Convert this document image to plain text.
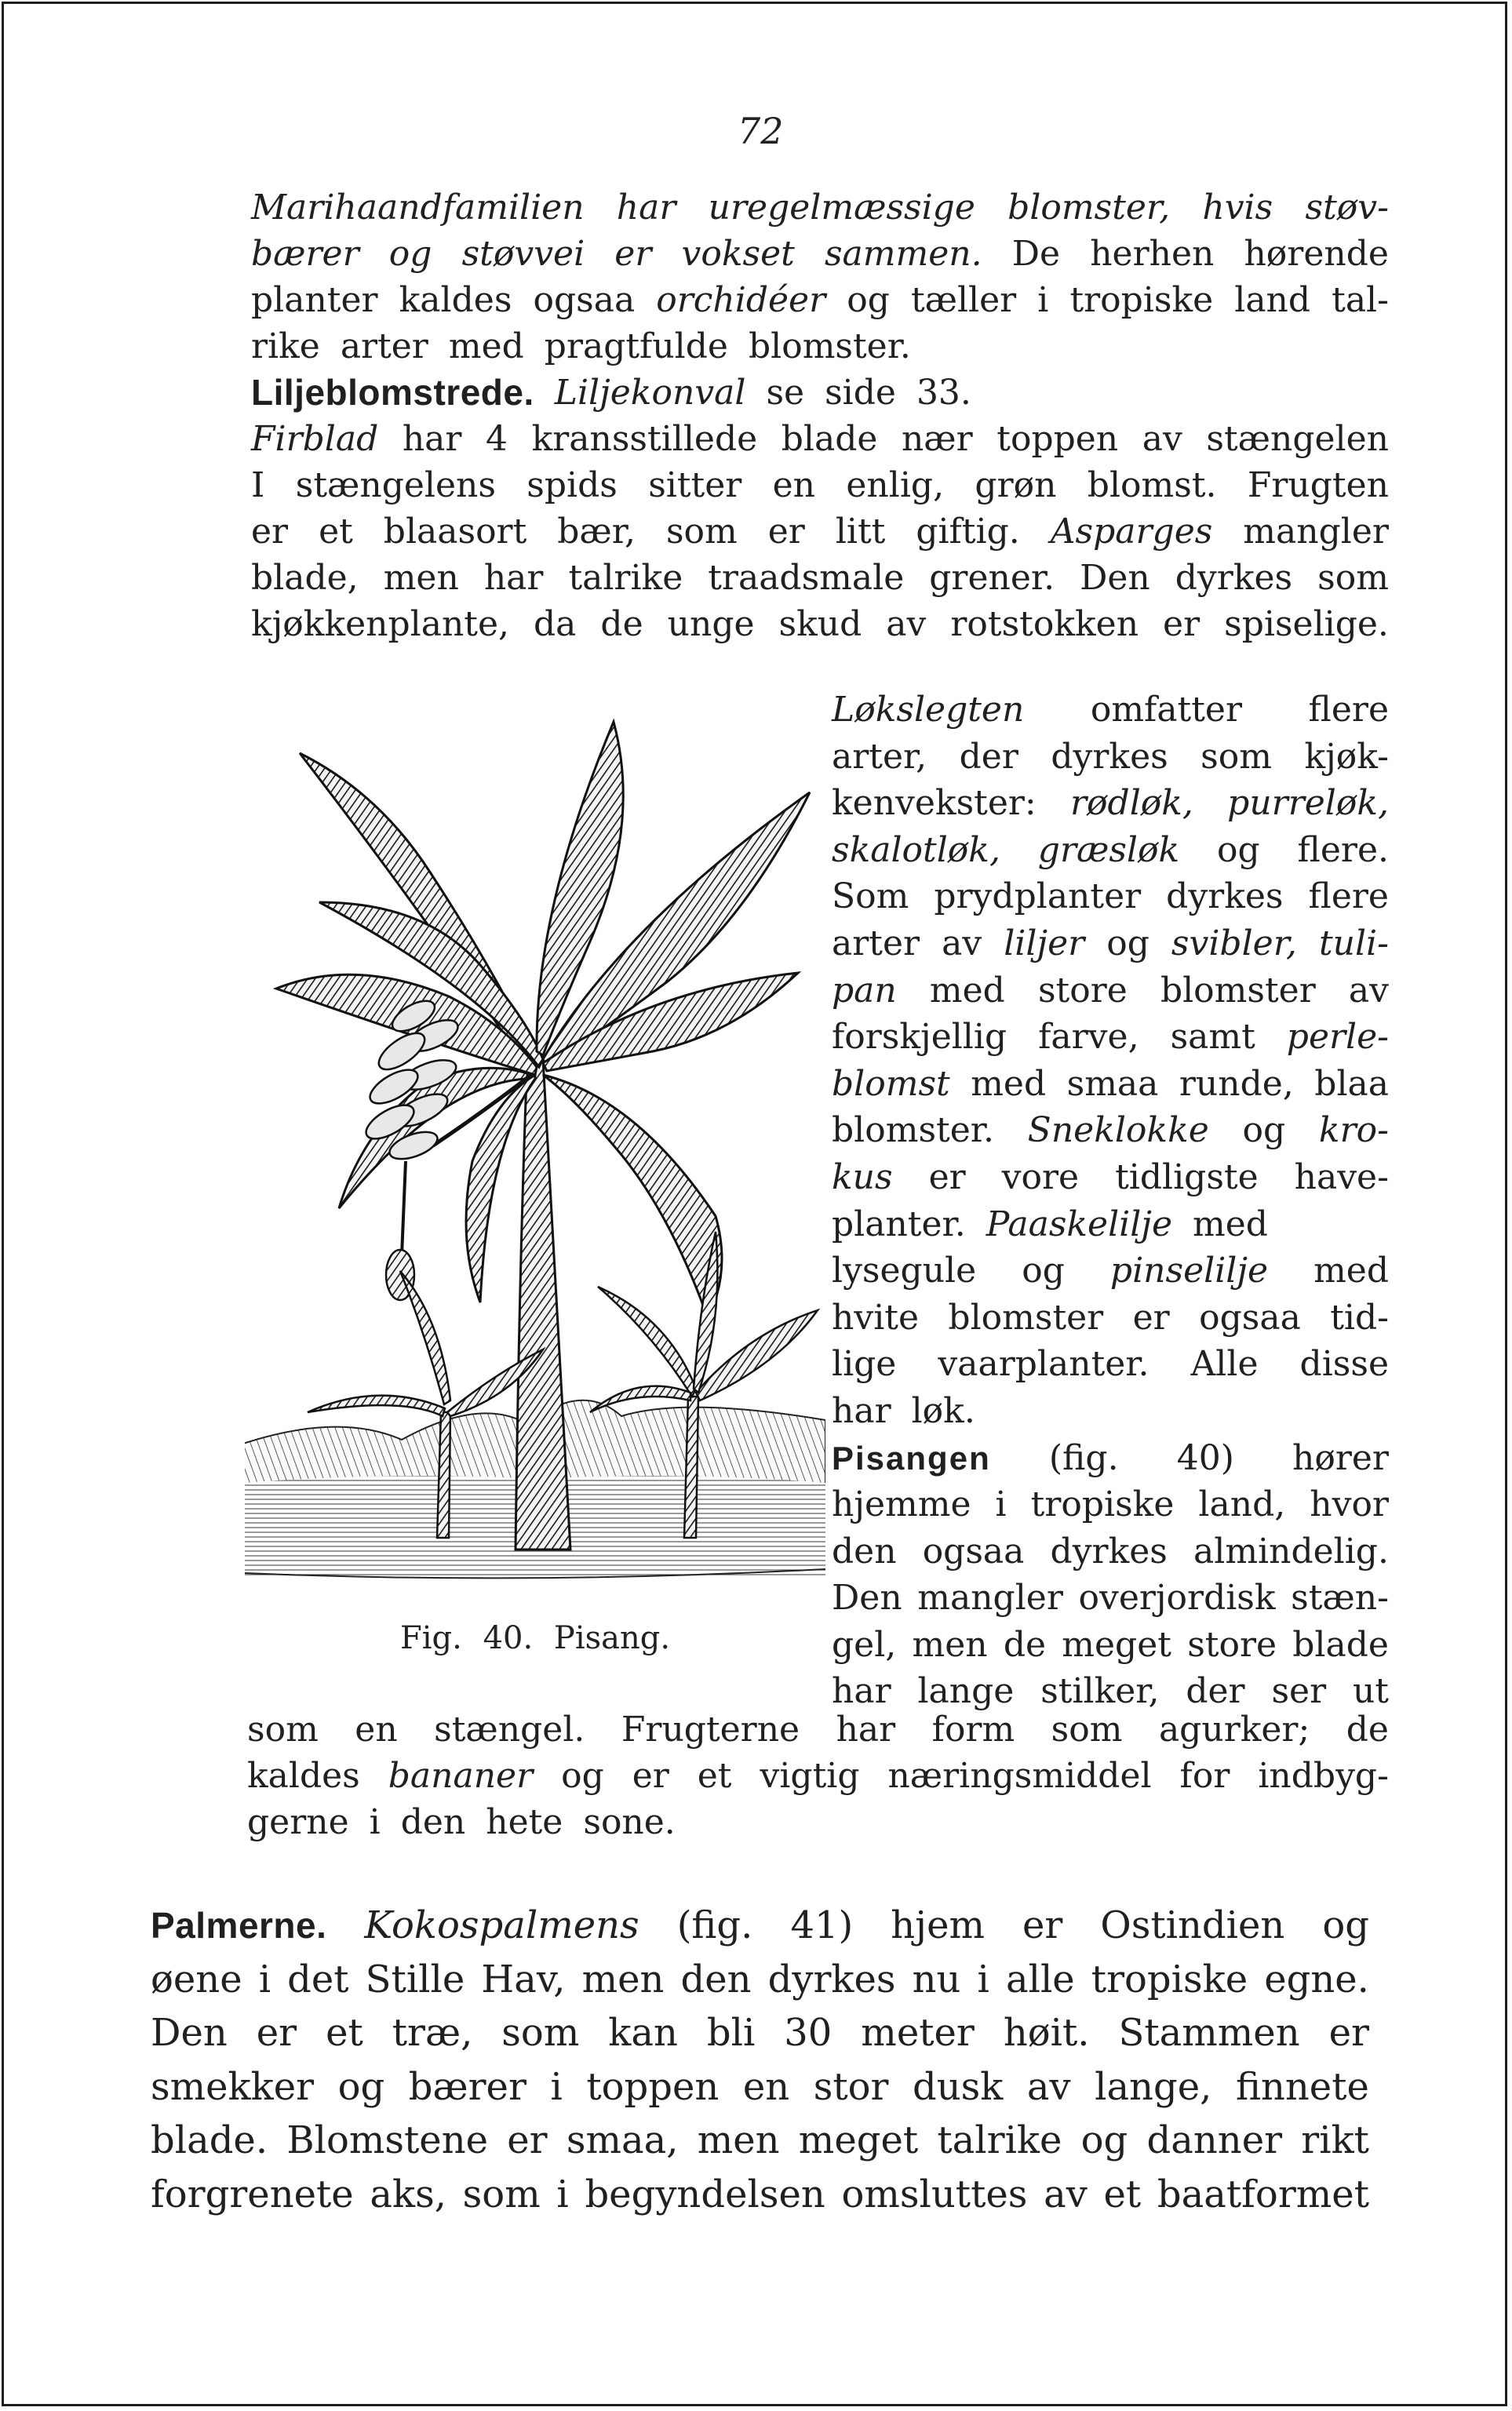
72
Marihaandfamilien har uregelmæssige blomster, hvis støv-
bærer og støvvei er vokset sammen. De herhen hørende
planter kaldes ogsaa orchidéer og tæller i tropiske land tal-
rike arter med pragtfulde blomster.
Liljeblomstrede. Liljekonval se side 33.
Firblad har 4 kransstillede blade nær toppen av stængelen
I stængelens spids sitter en enlig, grøn blomst. Frugten
er et blaasort bær, som er litt giftig. Asparges mangler
blade, men har talrike traadsmale grener. Den dyrkes som
kjøkkenplante, da de unge skud av rotstokken er spiselige.
Fig. 40. Pisang.
Løkslegten omfatter flere
arter, der dyrkes som kjøk-
kenvekster: rødløk, purreløk,
skalotløk, græsløk og flere.
Som prydplanter dyrkes flere
arter av liljer og svibler, tuli-
pan med store blomster av
forskjellig farve, samt perle-
blomst med smaa runde, blaa
blomster. Sneklokke og kro-
kus er vore tidligste have-
planter. Paaskelilje med
lysegule og pinselilje med
hvite blomster er ogsaa tid-
lige vaarplanter. Alle disse
har løk.
Pisangen (fig. 40) hører
hjemme i tropiske land, hvor
den ogsaa dyrkes almindelig.
Den mangler overjordisk stæn-
gel, men de meget store blade
har lange stilker, der ser ut
som en stængel. Frugterne har form som agurker; de
kaldes bananer og er et vigtig næringsmiddel for indbyg-
gerne i den hete sone.
Palmerne. Kokospalmens (fig. 41) hjem er Ostindien og
øene i det Stille Hav, men den dyrkes nu i alle tropiske egne.
Den er et træ, som kan bli 30 meter høit. Stammen er
smekker og bærer i toppen en stor dusk av lange, finnete
blade. Blomstene er smaa, men meget talrike og danner rikt
forgrenete aks, som i begyndelsen omsluttes av et baatformet
